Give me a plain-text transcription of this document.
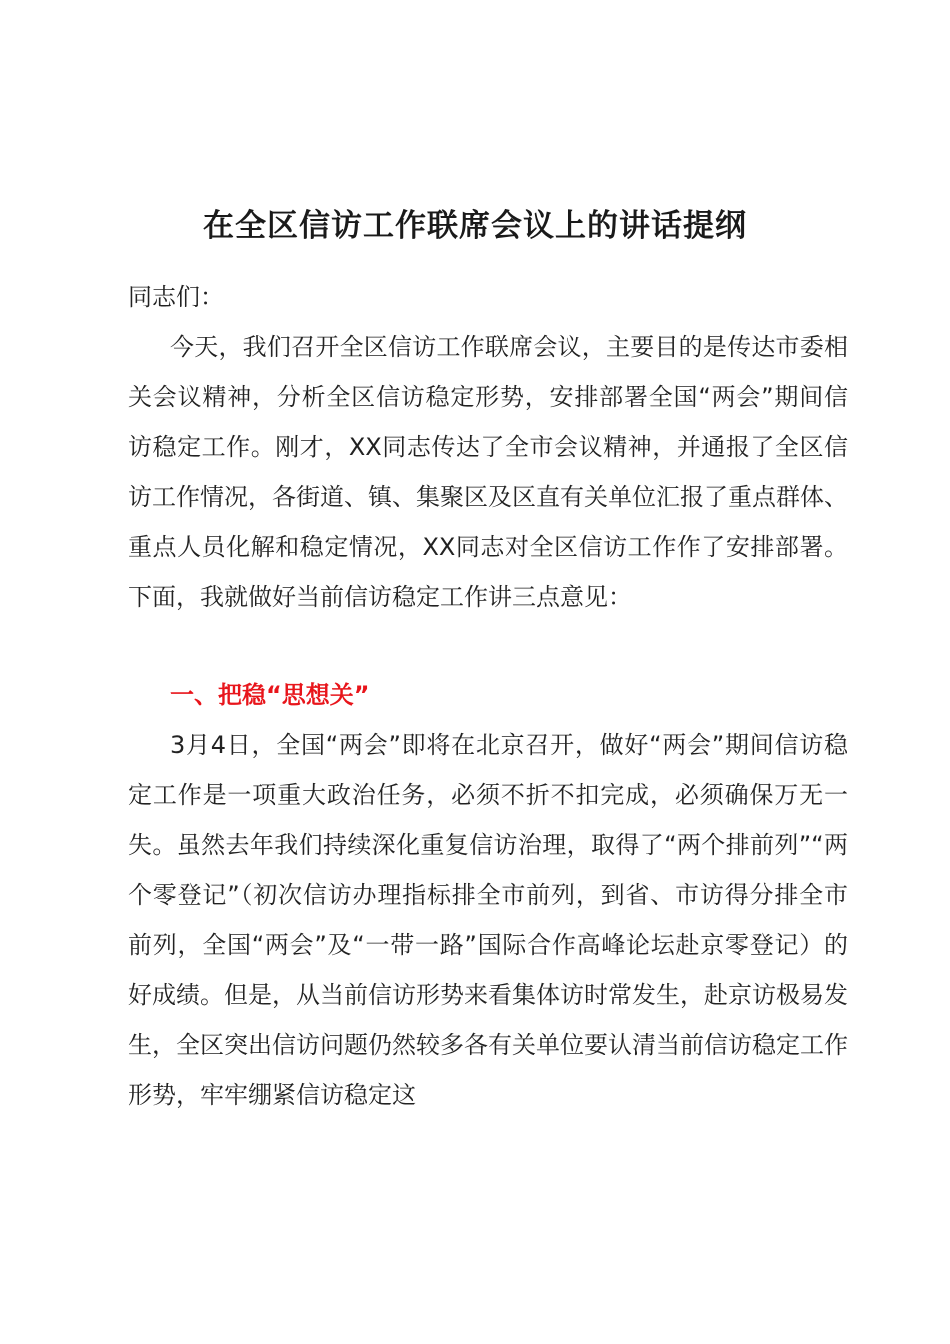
在全区信访工作联席会议上的讲话提纲
同志们：
今天，我们召开全区信访工作联席会议，主要目的是传达市委相关会议精神，分析全区信访稳定形势，安排部署全国“两会”期间信访稳定工作。刚才，XX同志传达了全市会议精神，并通报了全区信访工作情况，各街道、镇、集聚区及区直有关单位汇报了重点群体、重点人员化解和稳定情况，XX同志对全区信访工作作了安排部署。下面，我就做好当前信访稳定工作讲三点意见：
一、把稳“思想关”
3月4日，全国“两会”即将在北京召开，做好“两会”期间信访稳定工作是一项重大政治任务，必须不折不扣完成，必须确保万无一失。虽然去年我们持续深化重复信访治理，取得了“两个排前列”“两个零登记”（初次信访办理指标排全市前列，到省、市访得分排全市前列，全国“两会”及“一带一路”国际合作高峰论坛赴京零登记）的好成绩。但是，从当前信访形势来看集体访时常发生，赴京访极易发生，全区突出信访问题仍然较多各有关单位要认清当前信访稳定工作形势，牢牢绷紧信访稳定这
